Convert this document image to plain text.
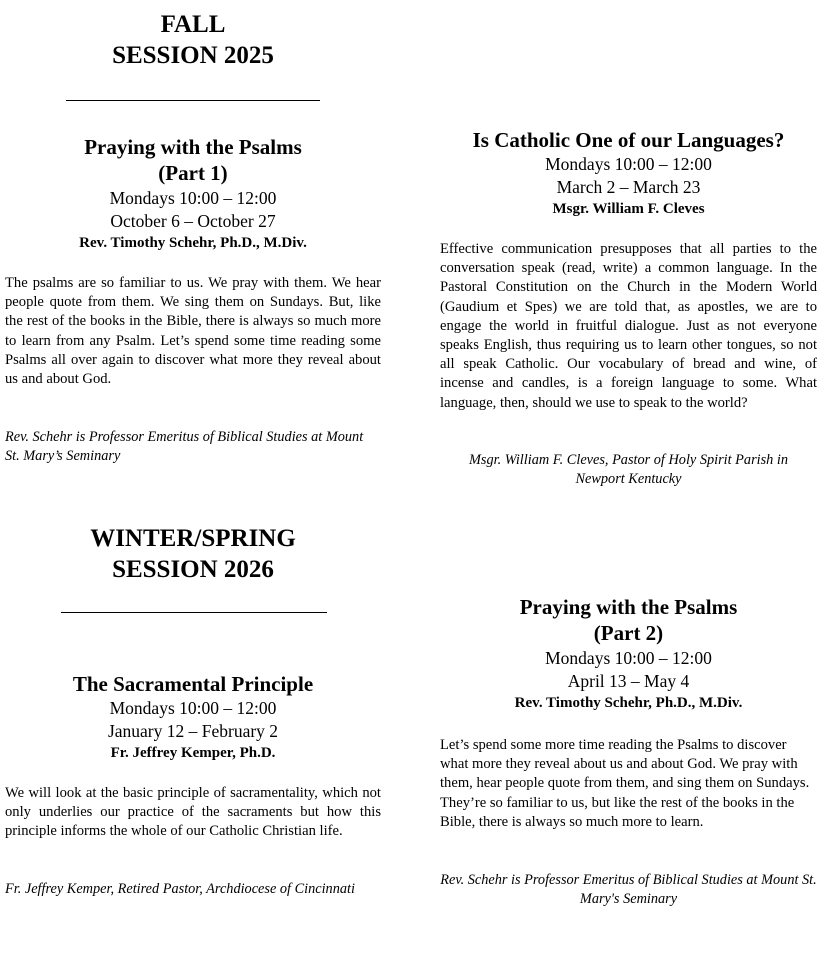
FALL
SESSION 2025
Praying with the Psalms
(Part 1)
Mondays 10:00 – 12:00
October 6 – October 27
Rev. Timothy Schehr, Ph.D., M.Div.

The psalms are so familiar to us. We pray with them. We hear people quote from them. We sing them on Sundays. But, like the rest of the books in the Bible, there is always so much more to learn from any Psalm. Let’s spend some time reading some Psalms all over again to discover what more they reveal about us and about God.

Rev. Schehr is Professor Emeritus of Biblical Studies at Mount St. Mary’s Seminary

WINTER/SPRING
SESSION 2026
The Sacramental Principle
Mondays 10:00 – 12:00
January 12 – February 2
Fr. Jeffrey Kemper, Ph.D.

We will look at the basic principle of sacramentality, which not only underlies our practice of the sacraments but how this principle informs the whole of our Catholic Christian life.

Fr. Jeffrey Kemper, Retired Pastor, Archdiocese of Cincinnati

Is Catholic One of our Languages?
Mondays 10:00 – 12:00
March 2 – March 23
Msgr. William F. Cleves

Effective communication presupposes that all parties to the conversation speak (read, write) a common language. In the Pastoral Constitution on the Church in the Modern World (Gaudium et Spes) we are told that, as apostles, we are to engage the world in fruitful dialogue. Just as not everyone speaks English, thus requiring us to learn other tongues, so not all speak Catholic. Our vocabulary of bread and wine, of incense and candles, is a foreign language to some. What language, then, should we use to speak to the world?

Msgr. William F. Cleves, Pastor of Holy Spirit Parish in Newport Kentucky

Praying with the Psalms
(Part 2)
Mondays 10:00 – 12:00
April 13 – May 4
Rev. Timothy Schehr, Ph.D., M.Div.

Let’s spend some more time reading the Psalms to discover what more they reveal about us and about God. We pray with them, hear people quote from them, and sing them on Sundays. They’re so familiar to us, but like the rest of the books in the Bible, there is always so much more to learn.

Rev. Schehr is Professor Emeritus of Biblical Studies at Mount St. Mary's Seminary
